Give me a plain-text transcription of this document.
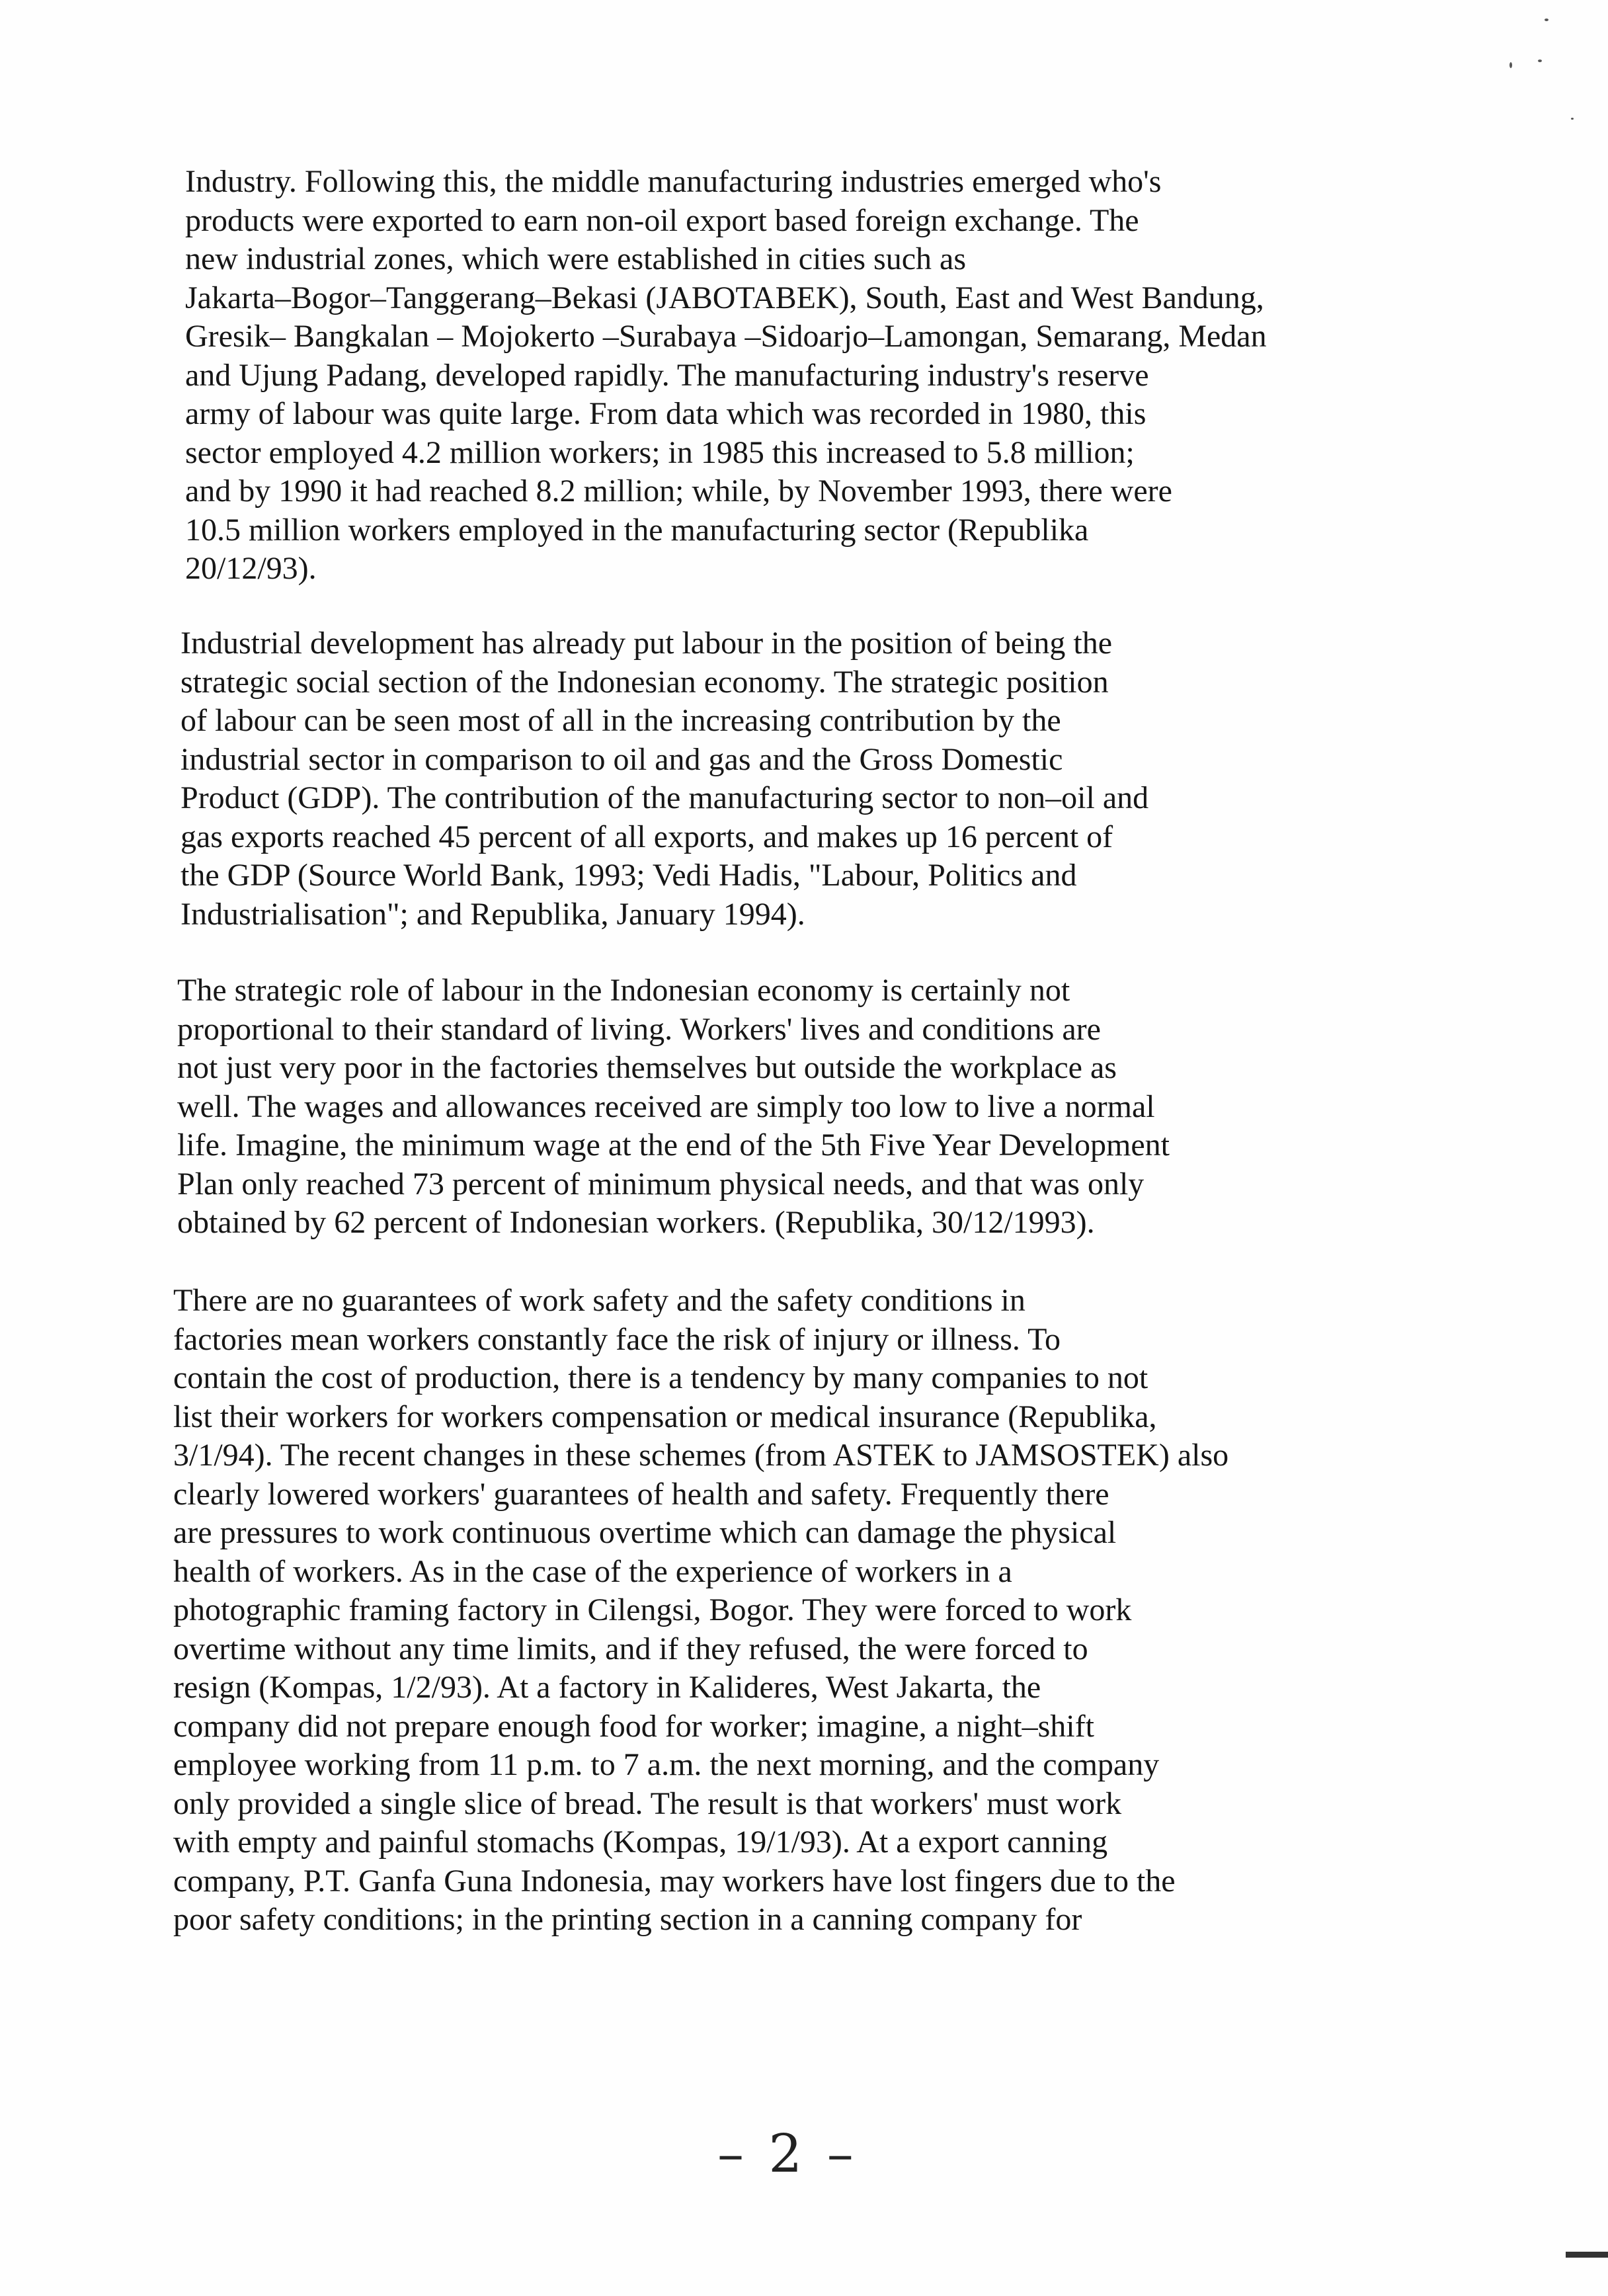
Industry. Following this, the middle manufacturing industries emerged who's
products were exported to earn non-oil export based foreign exchange. The
new industrial zones, which were established in cities such as
Jakarta–Bogor–Tanggerang–Bekasi (JABOTABEK), South, East and West Bandung,
Gresik– Bangkalan – Mojokerto –Surabaya –Sidoarjo–Lamongan, Semarang, Medan
and Ujung Padang, developed rapidly. The manufacturing industry's reserve
army of labour was quite large. From data which was recorded in 1980, this
sector employed 4.2 million workers; in 1985 this increased to 5.8 million;
and by 1990 it had reached 8.2 million; while, by November 1993, there were
10.5 million workers employed in the manufacturing sector (Republika
20/12/93).
Industrial development has already put labour in the position of being the
strategic social section of the Indonesian economy. The strategic position
of labour can be seen most of all in the increasing contribution by the
industrial sector in comparison to oil and gas and the Gross Domestic
Product (GDP). The contribution of the manufacturing sector to non–oil and
gas exports reached 45 percent of all exports, and makes up 16 percent of
the GDP (Source World Bank, 1993; Vedi Hadis, "Labour, Politics and
Industrialisation"; and Republika, January 1994).
The strategic role of labour in the Indonesian economy is certainly not
proportional to their standard of living. Workers' lives and conditions are
not just very poor in the factories themselves but outside the workplace as
well. The wages and allowances received are simply too low to live a normal
life. Imagine, the minimum wage at the end of the 5th Five Year Development
Plan only reached 73 percent of minimum physical needs, and that was only
obtained by 62 percent of Indonesian workers. (Republika, 30/12/1993).
There are no guarantees of work safety and the safety conditions in
factories mean workers constantly face the risk of injury or illness. To
contain the cost of production, there is a tendency by many companies to not
list their workers for workers compensation or medical insurance (Republika,
3/1/94). The recent changes in these schemes (from ASTEK to JAMSOSTEK) also
clearly lowered workers' guarantees of health and safety. Frequently there
are pressures to work continuous overtime which can damage the physical
health of workers. As in the case of the experience of workers in a
photographic framing factory in Cilengsi, Bogor. They were forced to work
overtime without any time limits, and if they refused, the were forced to
resign (Kompas, 1/2/93). At a factory in Kalideres, West Jakarta, the
company did not prepare enough food for worker; imagine, a night–shift
employee working from 11 p.m. to 7 a.m. the next morning, and the company
only provided a single slice of bread. The result is that workers' must work
with empty and painful stomachs (Kompas, 19/1/93). At a export canning
company, P.T. Ganfa Guna Indonesia, may workers have lost fingers due to the
poor safety conditions; in the printing section in a canning company for
– 2 –
